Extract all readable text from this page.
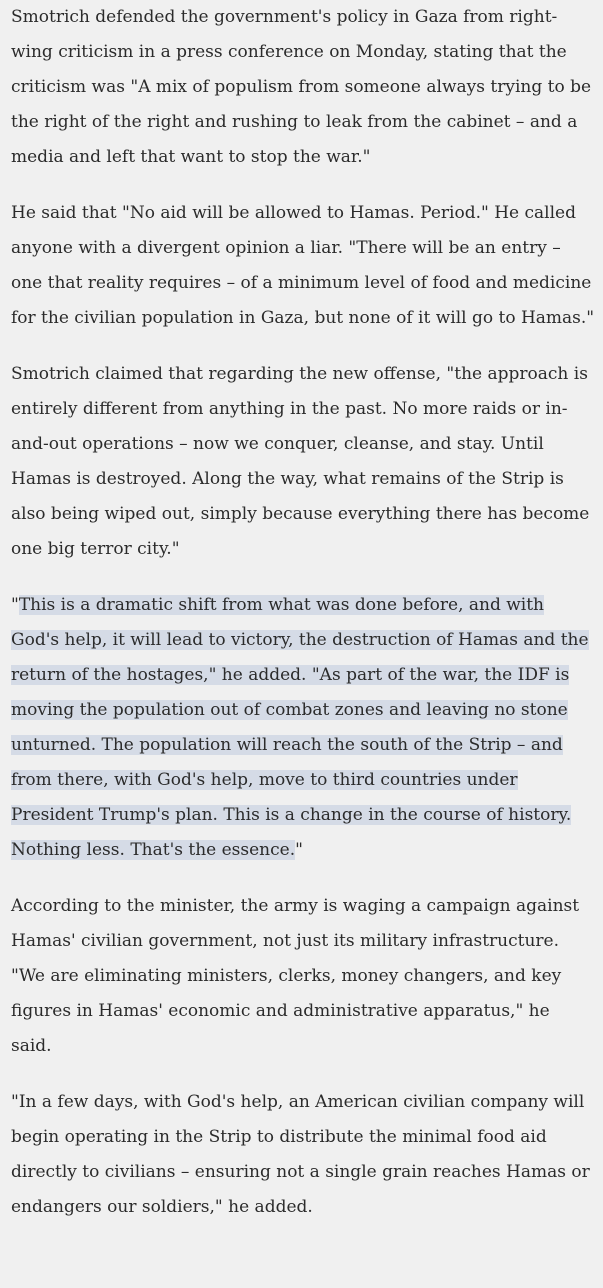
Smotrich defended the government's policy in Gaza from right-wing criticism in a press conference on Monday, stating that the criticism was "A mix of populism from someone always trying to be the right of the right and rushing to leak from the cabinet – and a media and left that want to stop the war."

He said that "No aid will be allowed to Hamas. Period." He called anyone with a divergent opinion a liar. "There will be an entry – one that reality requires – of a minimum level of food and medicine for the civilian population in Gaza, but none of it will go to Hamas."

Smotrich claimed that regarding the new offense, "the approach is entirely different from anything in the past. No more raids or in-and-out operations – now we conquer, cleanse, and stay. Until Hamas is destroyed. Along the way, what remains of the Strip is also being wiped out, simply because everything there has become one big terror city."

"This is a dramatic shift from what was done before, and with God's help, it will lead to victory, the destruction of Hamas and the return of the hostages," he added. "As part of the war, the IDF is moving the population out of combat zones and leaving no stone unturned. The population will reach the south of the Strip – and from there, with God's help, move to third countries under President Trump's plan. This is a change in the course of history. Nothing less. That's the essence."

According to the minister, the army is waging a campaign against Hamas' civilian government, not just its military infrastructure. "We are eliminating ministers, clerks, money changers, and key figures in Hamas' economic and administrative apparatus," he said.

"In a few days, with God's help, an American civilian company will begin operating in the Strip to distribute the minimal food aid directly to civilians – ensuring not a single grain reaches Hamas or endangers our soldiers," he added.
